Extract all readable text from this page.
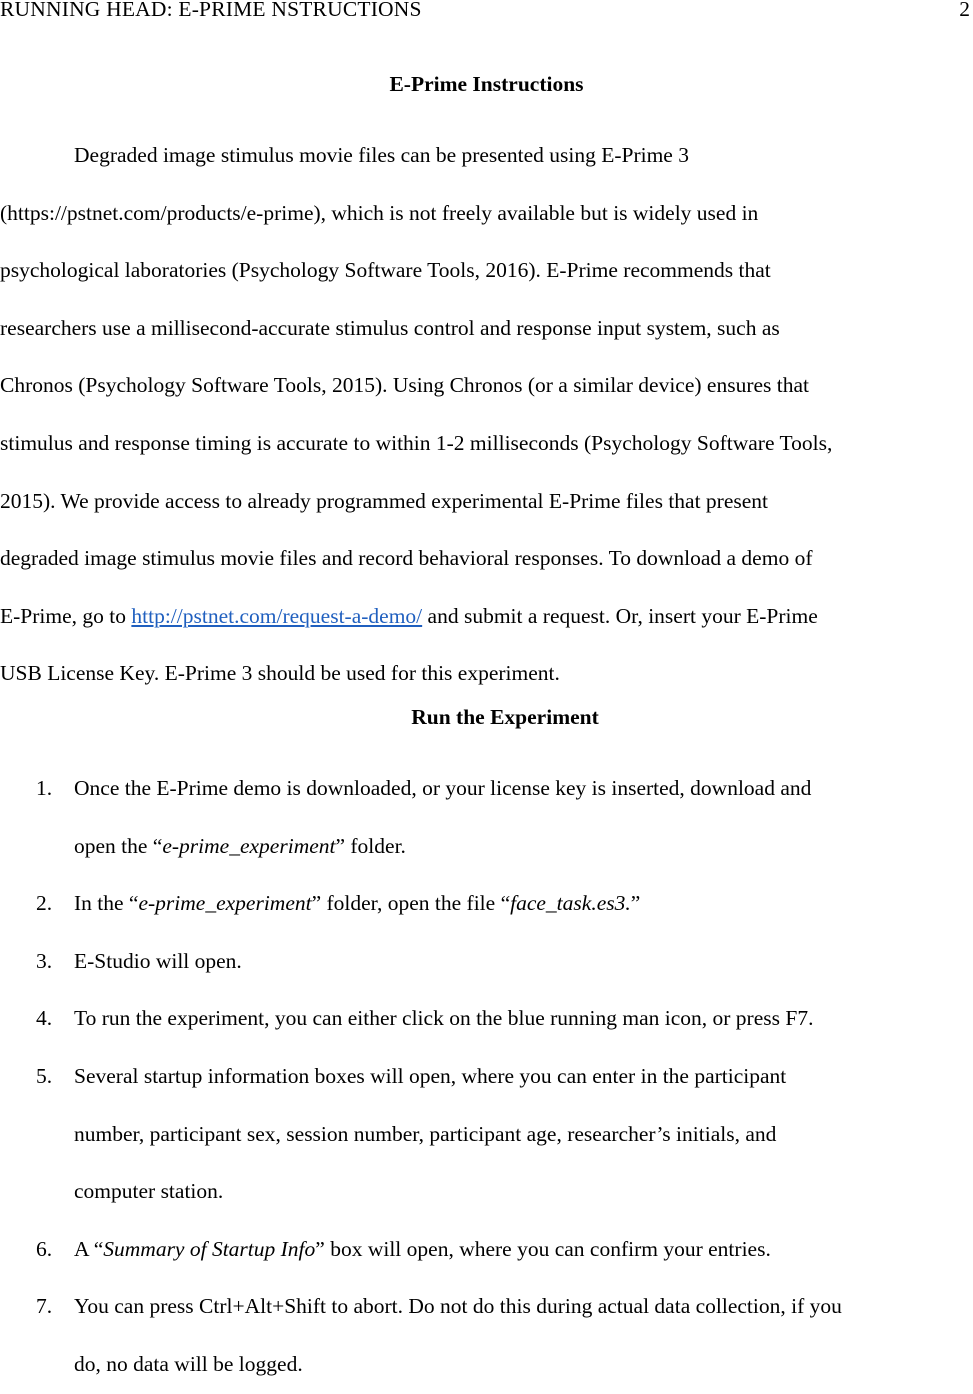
RUNNING HEAD: E-PRIME NSTRUCTIONS	2
E-Prime Instructions
Degraded image stimulus movie files can be presented using E-Prime 3
(https://pstnet.com/products/e-prime), which is not freely available but is widely used in
psychological laboratories (Psychology Software Tools, 2016). E-Prime recommends that
researchers use a millisecond-accurate stimulus control and response input system, such as
Chronos (Psychology Software Tools, 2015). Using Chronos (or a similar device) ensures that
stimulus and response timing is accurate to within 1-2 milliseconds (Psychology Software Tools,
2015). We provide access to already programmed experimental E-Prime files that present
degraded image stimulus movie files and record behavioral responses. To download a demo of
E-Prime, go to http://pstnet.com/request-a-demo/ and submit a request. Or, insert your E-Prime
USB License Key. E-Prime 3 should be used for this experiment.
Run the Experiment
1.	Once the E-Prime demo is downloaded, or your license key is inserted, download and
open the “e-prime_experiment” folder.
2.	In the “e-prime_experiment” folder, open the file “face_task.es3.”
3.	E-Studio will open.
4.	To run the experiment, you can either click on the blue running man icon, or press F7.
5.	Several startup information boxes will open, where you can enter in the participant
number, participant sex, session number, participant age, researcher’s initials, and
computer station.
6.	A “Summary of Startup Info” box will open, where you can confirm your entries.
7.	You can press Ctrl+Alt+Shift to abort. Do not do this during actual data collection, if you
do, no data will be logged.
